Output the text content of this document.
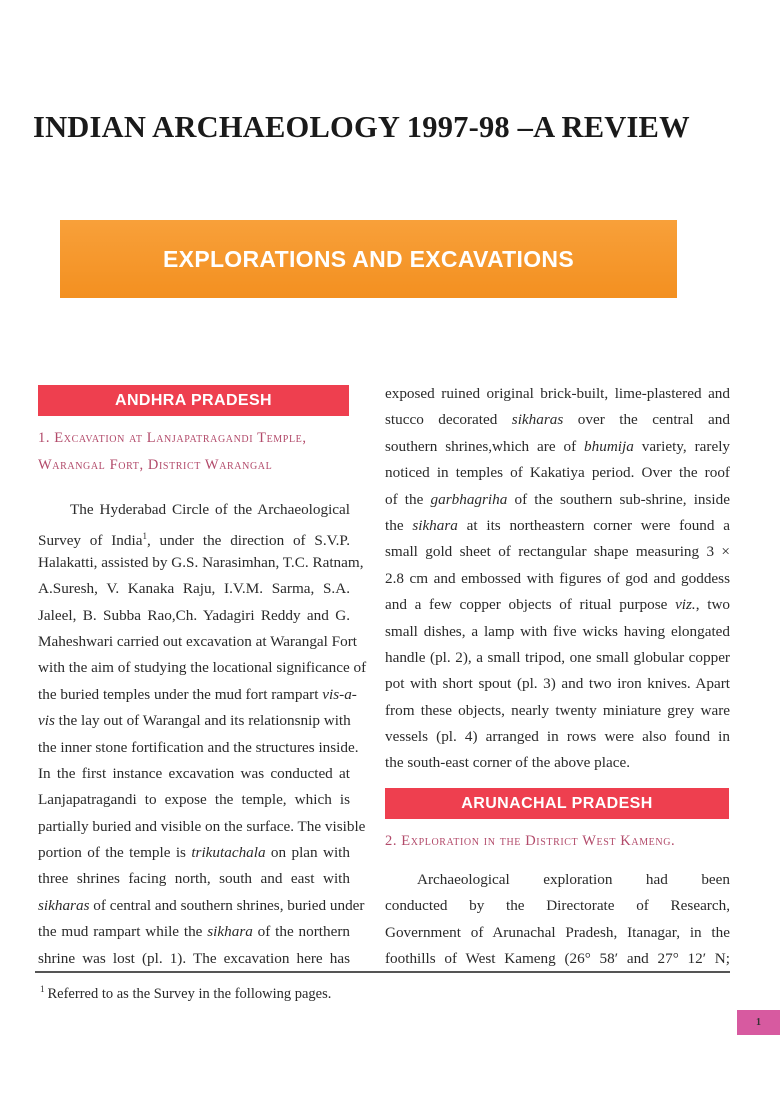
INDIAN ARCHAEOLOGY 1997-98 –A REVIEW
EXPLORATIONS AND EXCAVATIONS
ANDHRA PRADESH
1. Excavation at Lanjapatragandi Temple,
Warangal Fort, District Warangal
The Hyderabad Circle of the Archaeological
Survey of India$^1$, under the direction of S.V.P.
Halakatti, assisted by G.S. Narasimhan, T.C. Ratnam,
A.Suresh, V. Kanaka Raju, I.V.M. Sarma, S.A.
Jaleel, B. Subba Rao,Ch. Yadagiri Reddy and G.
Maheshwari carried out excavation at Warangal Fort
with the aim of studying the locational significance of
the buried temples under the mud fort rampart vis-a-
vis the lay out of Warangal and its relationsnip with
the inner stone fortification and the structures inside.
In the first instance excavation was conducted at
Lanjapatragandi to expose the temple, which is
partially buried and visible on the surface. The visible
portion of the temple is trikutachala on plan with
three shrines facing north, south and east with
sikharas of central and southern shrines, buried under
the mud rampart while the sikhara of the northern
shrine was lost (pl. 1). The excavation here has
exposed ruined original brick-built, lime-plastered and
stucco decorated sikharas over the central and
southern shrines,which are of bhumija variety, rarely
noticed in temples of Kakatiya period. Over the roof
of the garbhagriha of the southern sub-shrine, inside
the sikhara at its northeastern corner were found a
small gold sheet of rectangular shape measuring 3 ×
2.8 cm and embossed with figures of god and goddess
and a few copper objects of ritual purpose viz., two
small dishes, a lamp with five wicks having elongated
handle (pl. 2), a small tripod, one small globular copper
pot with short spout (pl. 3) and two iron knives. Apart
from these objects, nearly twenty miniature grey ware
vessels (pl. 4) arranged in rows were also found in
the south-east corner of the above place.
ARUNACHAL PRADESH
2. Exploration in the District West Kameng.
Archaeological exploration had been
conducted by the Directorate of Research,
Government of Arunachal Pradesh, Itanagar, in the
foothills of West Kameng (26° 58′ and 27° 12′ N;
$^1$ Referred to as the Survey in the following pages.
1
